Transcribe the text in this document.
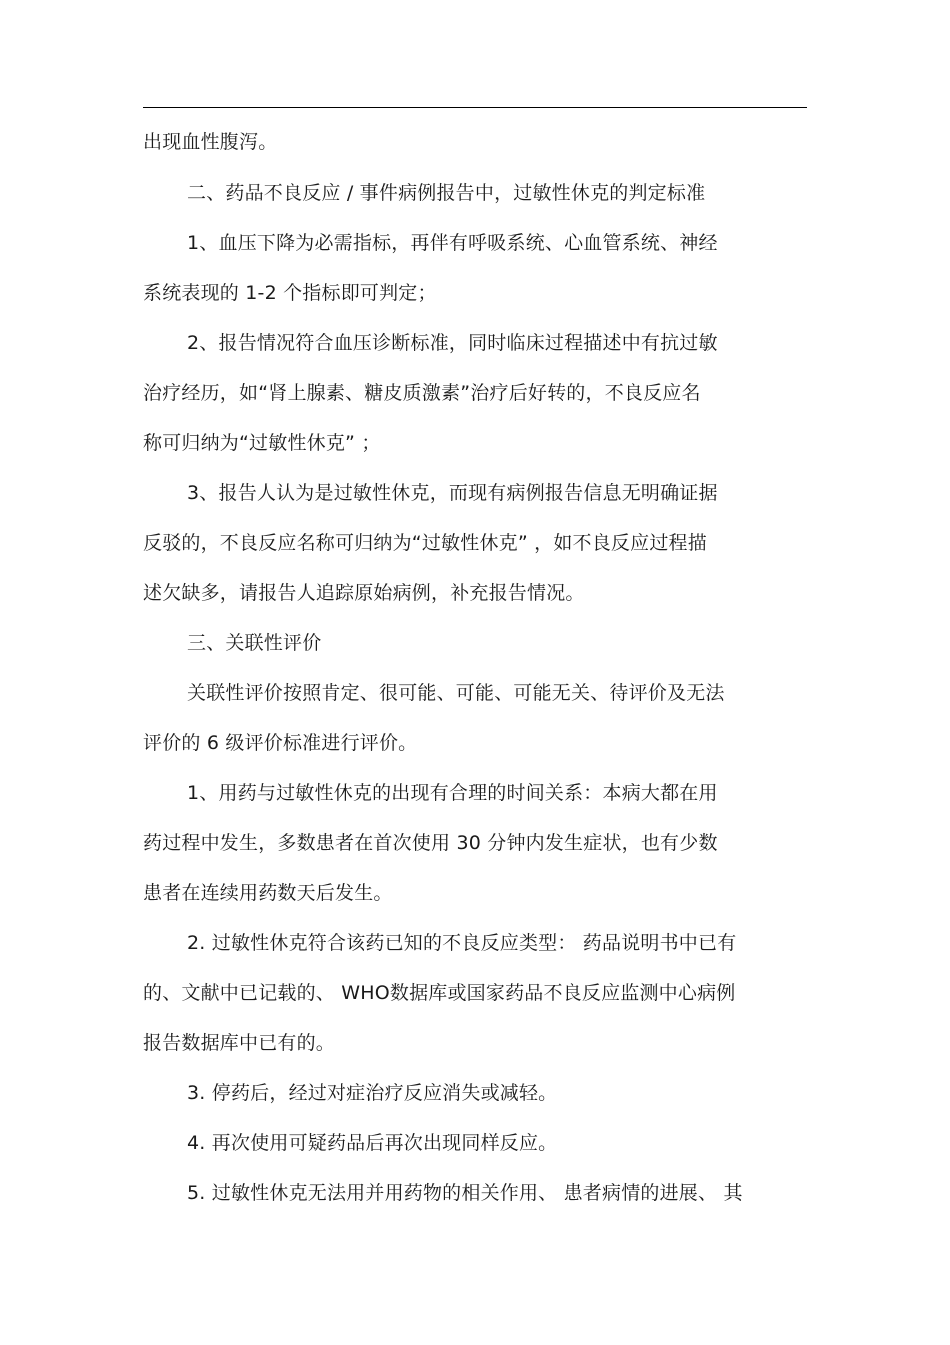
出现血性腹泻。
二、药品不良反应 / 事件病例报告中，过敏性休克的判定标准
1、血压下降为必需指标，再伴有呼吸系统、心血管系统、神经
系统表现的 1-2 个指标即可判定；
2、报告情况符合血压诊断标准，同时临床过程描述中有抗过敏
治疗经历，如“肾上腺素、糖皮质激素”治疗后好转的，不良反应名
称可归纳为“过敏性休克” ；
3、报告人认为是过敏性休克，而现有病例报告信息无明确证据
反驳的，不良反应名称可归纳为“过敏性休克” ，如不良反应过程描
述欠缺多，请报告人追踪原始病例，补充报告情况。
三、关联性评价
关联性评价按照肯定、很可能、可能、可能无关、待评价及无法
评价的 6 级评价标准进行评价。
1、用药与过敏性休克的出现有合理的时间关系：本病大都在用
药过程中发生，多数患者在首次使用 30 分钟内发生症状，也有少数
患者在连续用药数天后发生。
2. 过敏性休克符合该药已知的不良反应类型： 药品说明书中已有
的、文献中已记载的、 WHO数据库或国家药品不良反应监测中心病例
报告数据库中已有的。
3. 停药后，经过对症治疗反应消失或减轻。
4. 再次使用可疑药品后再次出现同样反应。
5. 过敏性休克无法用并用药物的相关作用、 患者病情的进展、 其
